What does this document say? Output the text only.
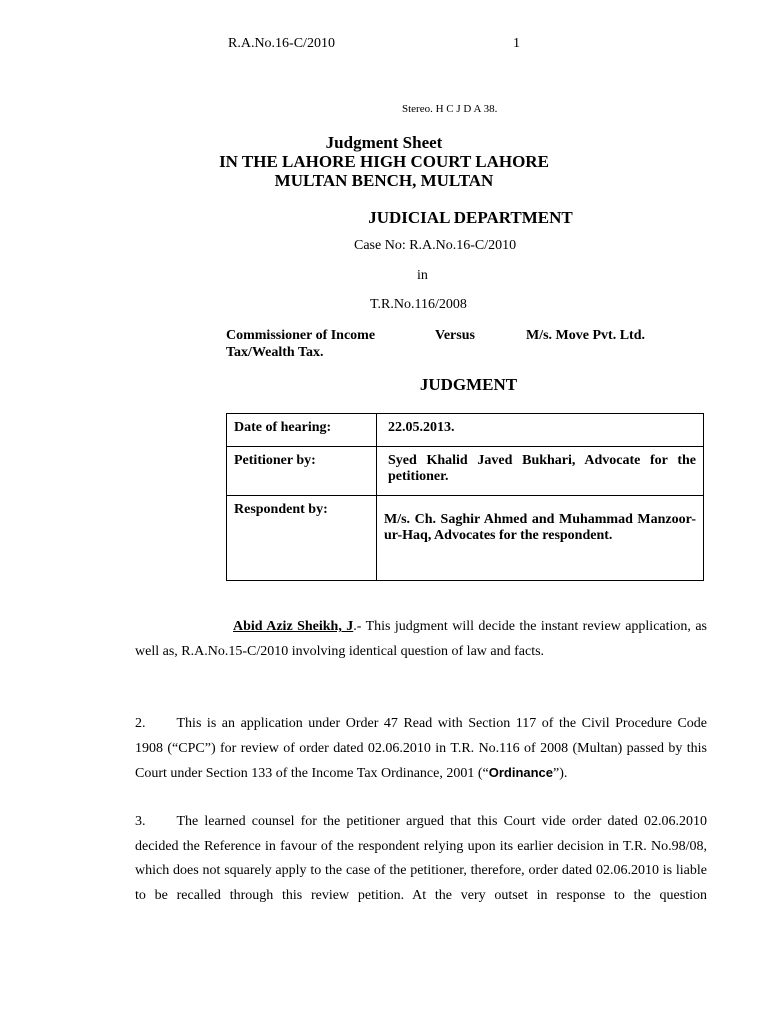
R.A.No.16-C/2010	1
Stereo. H C J D A 38.
Judgment Sheet
IN THE LAHORE HIGH COURT LAHORE
MULTAN BENCH, MULTAN
JUDICIAL DEPARTMENT
Case No: R.A.No.16-C/2010
in
T.R.No.116/2008
Commissioner of Income
Tax/Wealth Tax.
Versus	M/s. Move Pvt. Ltd.
JUDGMENT
Date of hearing:	22.05.2013.
Petitioner by:	Syed Khalid Javed Bukhari, Advocate for the petitioner.
Respondent by:	M/s. Ch. Saghir Ahmed and Muhammad Manzoor-ur-Haq, Advocates for the respondent.

Abid Aziz Sheikh, J.- This judgment will decide the instant review application, as well as, R.A.No.15-C/2010 involving identical question of law and facts.

2. This is an application under Order 47 Read with Section 117 of the Civil Procedure Code 1908 (“CPC”) for review of order dated 02.06.2010 in T.R. No.116 of 2008 (Multan) passed by this Court under Section 133 of the Income Tax Ordinance, 2001 (“Ordinance”).

3. The learned counsel for the petitioner argued that this Court vide order dated 02.06.2010 decided the Reference in favour of the respondent relying upon its earlier decision in T.R. No.98/08, which does not squarely apply to the case of the petitioner, therefore, order dated 02.06.2010 is liable to be recalled through this review petition. At the very outset in response to the question
